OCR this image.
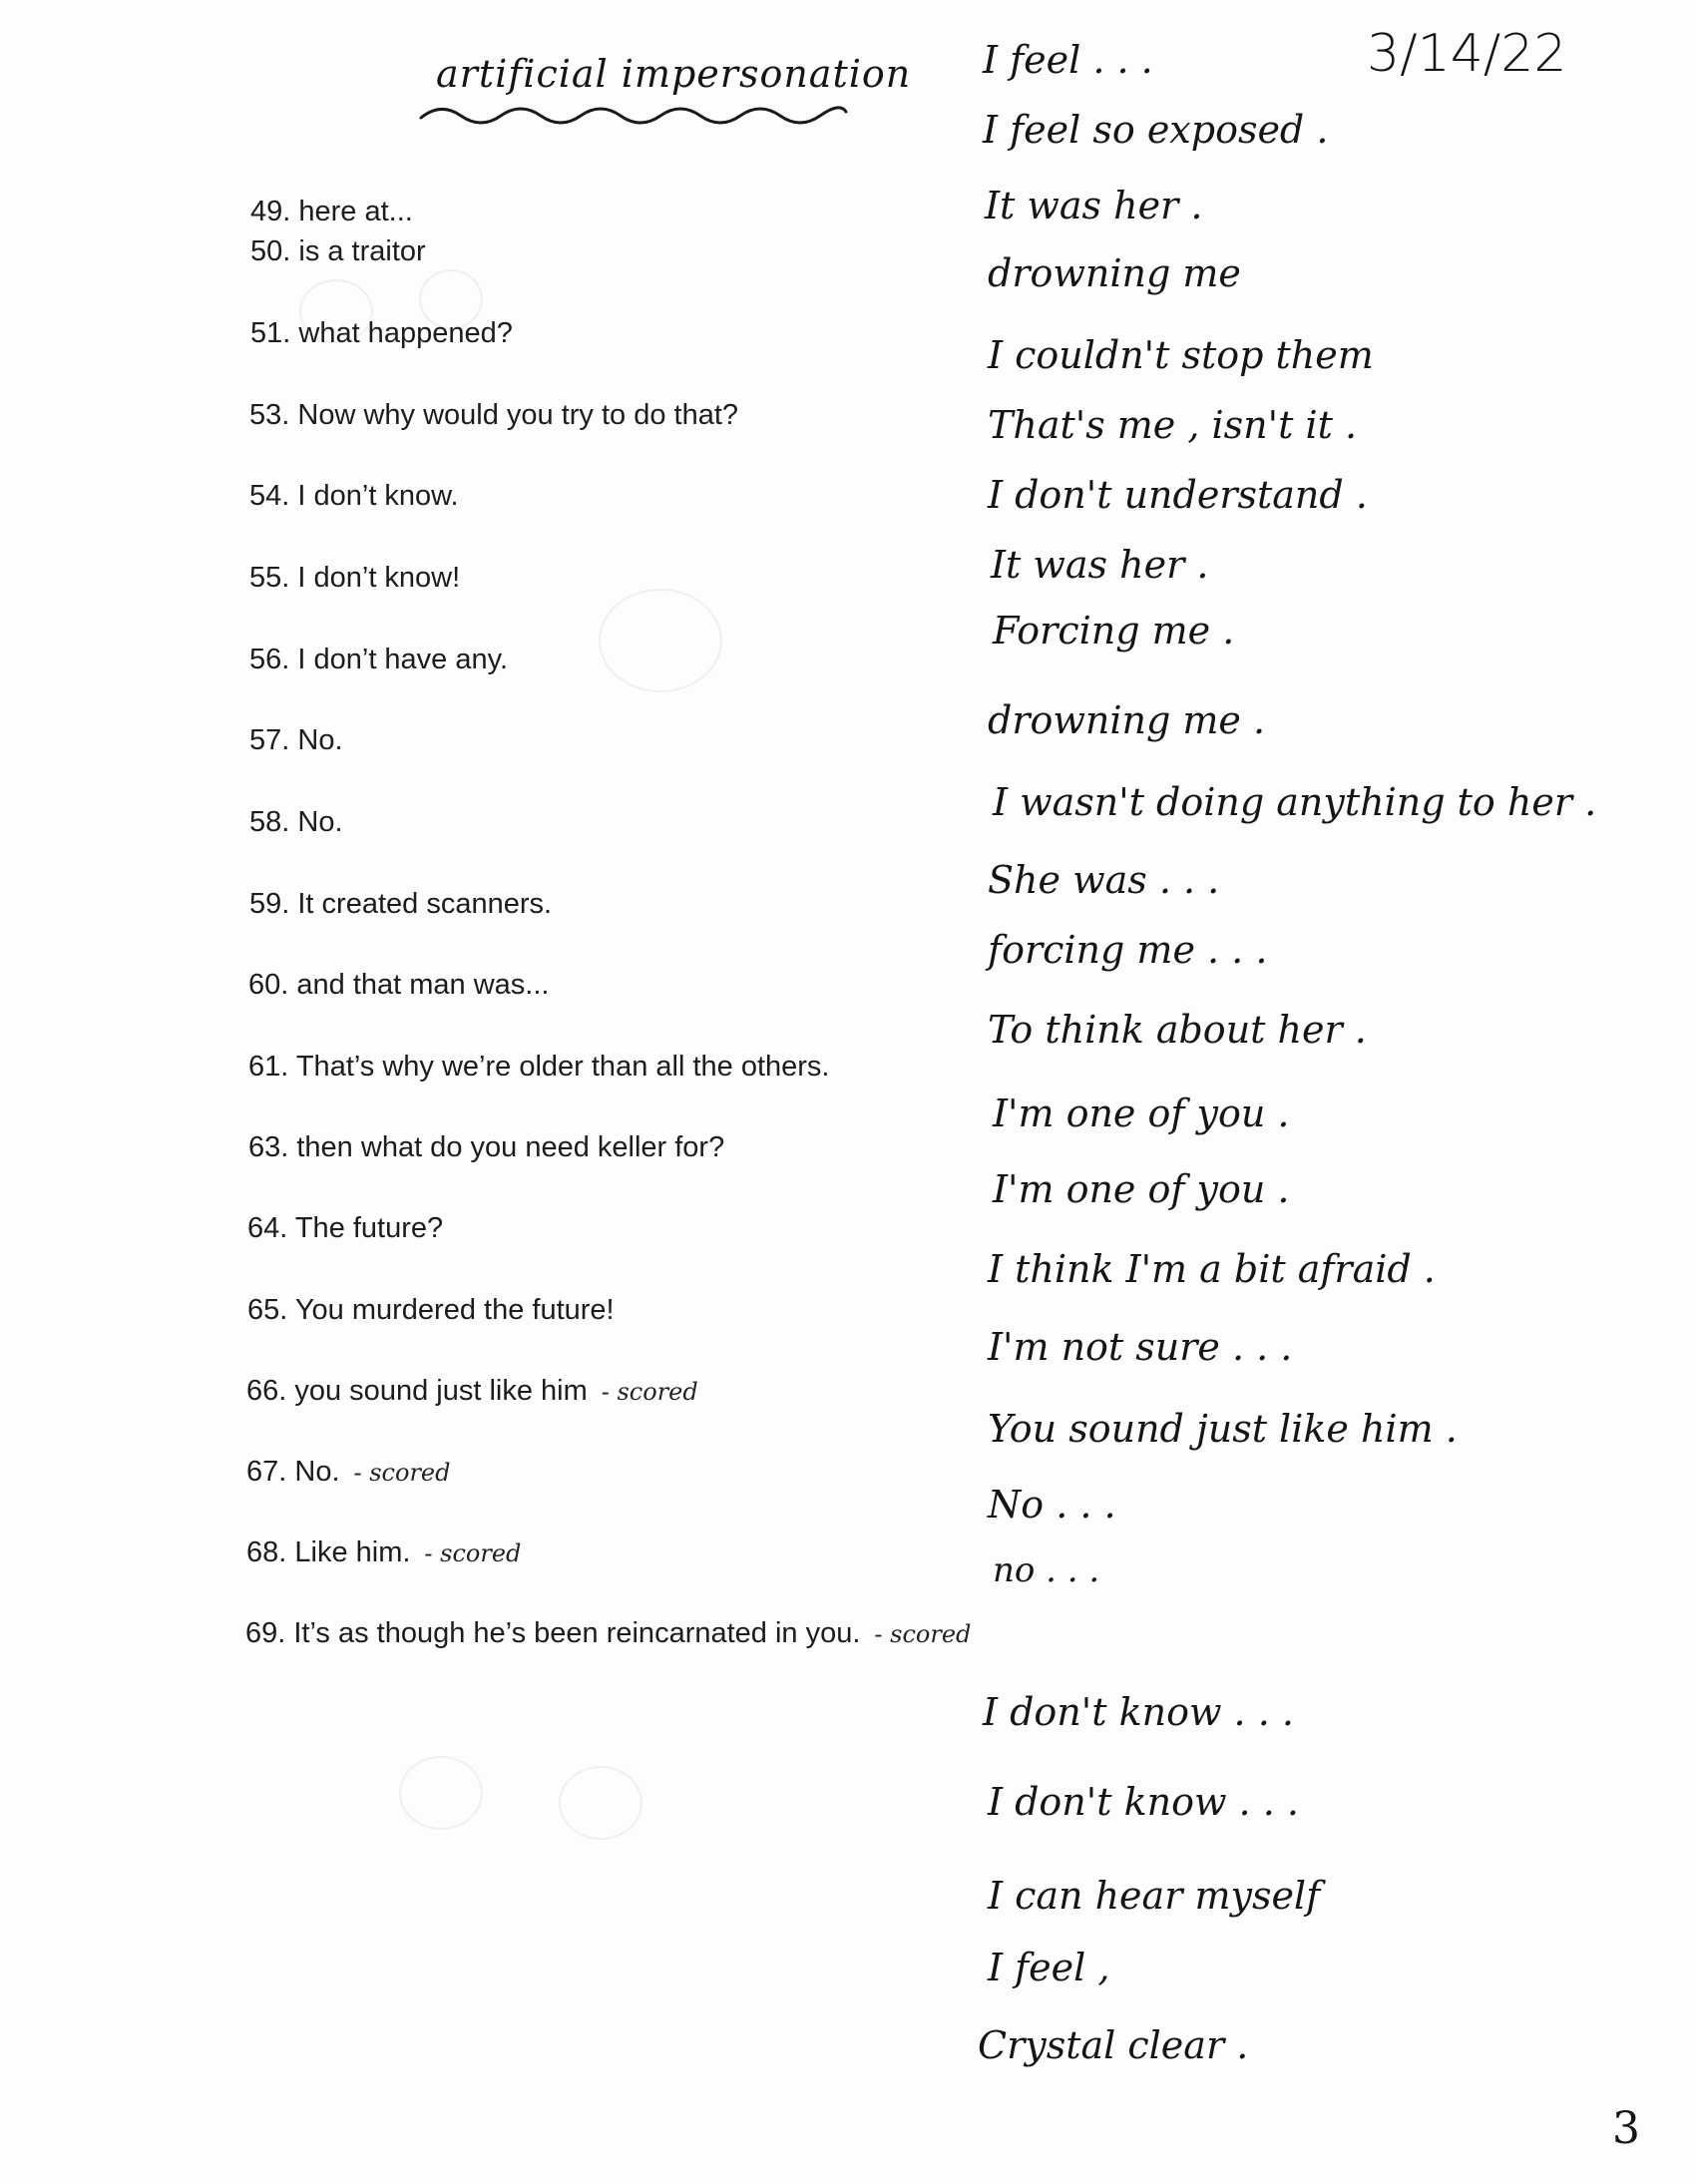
artificial impersonation	3/14/22
49. here at...
50. is a traitor
51. what happened?
53. Now why would you try to do that?
54. I don’t know.
55. I don’t know!
56. I don’t have any.
57. No.
58. No.
59. It created scanners.
60. and that man was...
61. That’s why we’re older than all the others.
63. then what do you need keller for?
64. The future?
65. You murdered the future!
66. you sound just like him - scored
67. No. - scored
68. Like him. - scored
69. It’s as though he’s been reincarnated in you. - scored
I feel . . .
I feel so exposed .
It was her .
drowning me
I couldn't stop them
That's me , isn't it .
I don't understand .
It was her .
Forcing me .
drowning me .
I wasn't doing anything to her .
She was . . .
forcing me . . .
To think about her .
I'm one of you .
I'm one of you .
I think I'm a bit afraid .
I'm not sure . . .
You sound just like him .
No . . .
no . . .
I don't know . . .
I don't know . . .
I can hear myself
I feel ,
Crystal clear .
3
